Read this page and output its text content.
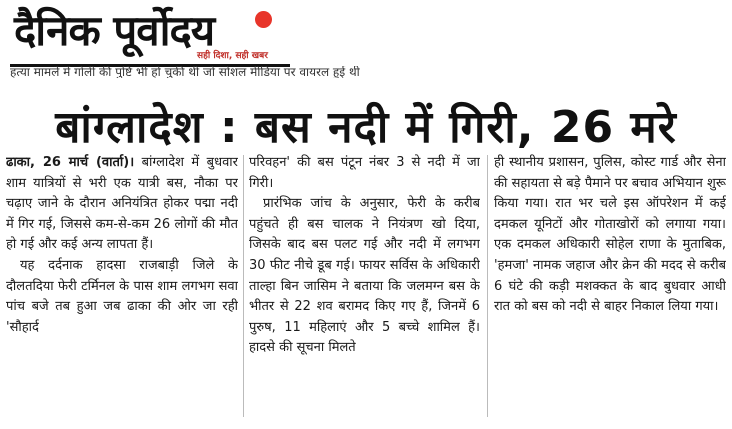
दैनिक पूर्वोदय
सही दिशा, सही खबर
हत्या मामले में गोली की पुष्टि भी हो चुकी थी जो सोशल मीडिया पर वायरल हुई थी
बांग्लादेश : बस नदी में गिरी, 26 मरे

ढाका, 26 मार्च (वार्ता)। बांग्लादेश में बुधवार शाम यात्रियों से भरी एक यात्री बस, नौका पर चढ़ाए जाने के दौरान अनियंत्रित होकर पद्मा नदी में गिर गई, जिससे कम-से-कम 26 लोगों की मौत हो गई और कई अन्य लापता हैं।

यह दर्दनाक हादसा राजबाड़ी जिले के दौलतदिया फेरी टर्मिनल के पास शाम लगभग सवा पांच बजे तब हुआ जब ढाका की ओर जा रही 'सौहार्द

परिवहन' की बस पंटून नंबर 3 से नदी में जा गिरी।

प्रारंभिक जांच के अनुसार, फेरी के करीब पहुंचते ही बस चालक ने नियंत्रण खो दिया, जिसके बाद बस पलट गई और नदी में लगभग 30 फीट नीचे डूब गई। फायर सर्विस के अधिकारी ताल्हा बिन जासिम ने बताया कि जलमग्न बस के भीतर से 22 शव बरामद किए गए हैं, जिनमें 6 पुरुष, 11 महिलाएं और 5 बच्चे शामिल हैं। हादसे की सूचना मिलते

ही स्थानीय प्रशासन, पुलिस, कोस्ट गार्ड और सेना की सहायता से बड़े पैमाने पर बचाव अभियान शुरू किया गया। रात भर चले इस ऑपरेशन में कई दमकल यूनिटों और गोताखोरों को लगाया गया। एक दमकल अधिकारी सोहेल राणा के मुताबिक, 'हमजा' नामक जहाज और क्रेन की मदद से करीब 6 घंटे की कड़ी मशक्कत के बाद बुधवार आधी रात को बस को नदी से बाहर निकाल लिया गया।
